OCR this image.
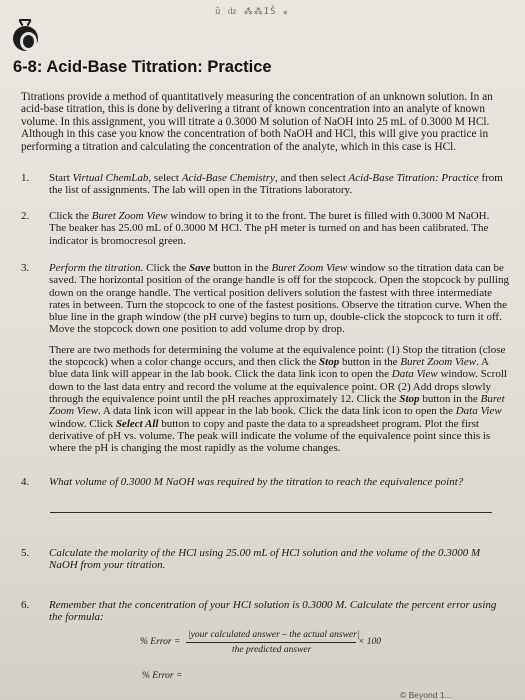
ŭ ǳ ⁂⁂IŠ ⁎
6-8: Acid-Base Titration: Practice

Titrations provide a method of quantitatively measuring the concentration of an unknown solution. In an acid-base titration, this is done by delivering a titrant of known concentration into an analyte of known volume. In this assignment, you will titrate a 0.3000 M solution of NaOH into 25 mL of 0.3000 M HCl. Although in this case you know the concentration of both NaOH and HCl, this will give you practice in performing a titration and calculating the concentration of the analyte, which in this case is HCl.

1. Start Virtual ChemLab, select Acid-Base Chemistry, and then select Acid-Base Titration: Practice from the list of assignments. The lab will open in the Titrations laboratory.
2. Click the Buret Zoom View window to bring it to the front. The buret is filled with 0.3000 M NaOH. The beaker has 25.00 mL of 0.3000 M HCl. The pH meter is turned on and has been calibrated. The indicator is bromocresol green.
3. Perform the titration. Click the Save button in the Buret Zoom View window so the titration data can be saved. The horizontal position of the orange handle is off for the stopcock. Open the stopcock by pulling down on the orange handle. The vertical position delivers solution the fastest with three intermediate rates in between. Turn the stopcock to one of the fastest positions. Observe the titration curve. When the blue line in the graph window (the pH curve) begins to turn up, double-click the stopcock to turn it off. Move the stopcock down one position to add volume drop by drop.

There are two methods for determining the volume at the equivalence point: (1) Stop the titration (close the stopcock) when a color change occurs, and then click the Stop button in the Buret Zoom View. A blue data link will appear in the lab book. Click the data link icon to open the Data View window. Scroll down to the last data entry and record the volume at the equivalence point. OR (2) Add drops slowly through the equivalence point until the pH reaches approximately 12. Click the Stop button in the Buret Zoom View. A data link icon will appear in the lab book. Click the data link icon to open the Data View window. Click Select All button to copy and paste the data to a spreadsheet program. Plot the first derivative of pH vs. volume. The peak will indicate the volume of the equivalence point since this is where the pH is changing the most rapidly as the volume changes.

4. What volume of 0.3000 M NaOH was required by the titration to reach the equivalence point?
5. Calculate the molarity of the HCl using 25.00 mL of HCl solution and the volume of the 0.3000 M NaOH from your titration.
6. Remember that the concentration of your HCl solution is 0.3000 M. Calculate the percent error using the formula:
% Error =
|your calculated answer – the actual answer|
the predicted answer
× 100
% Error =
© Beyond 1...
